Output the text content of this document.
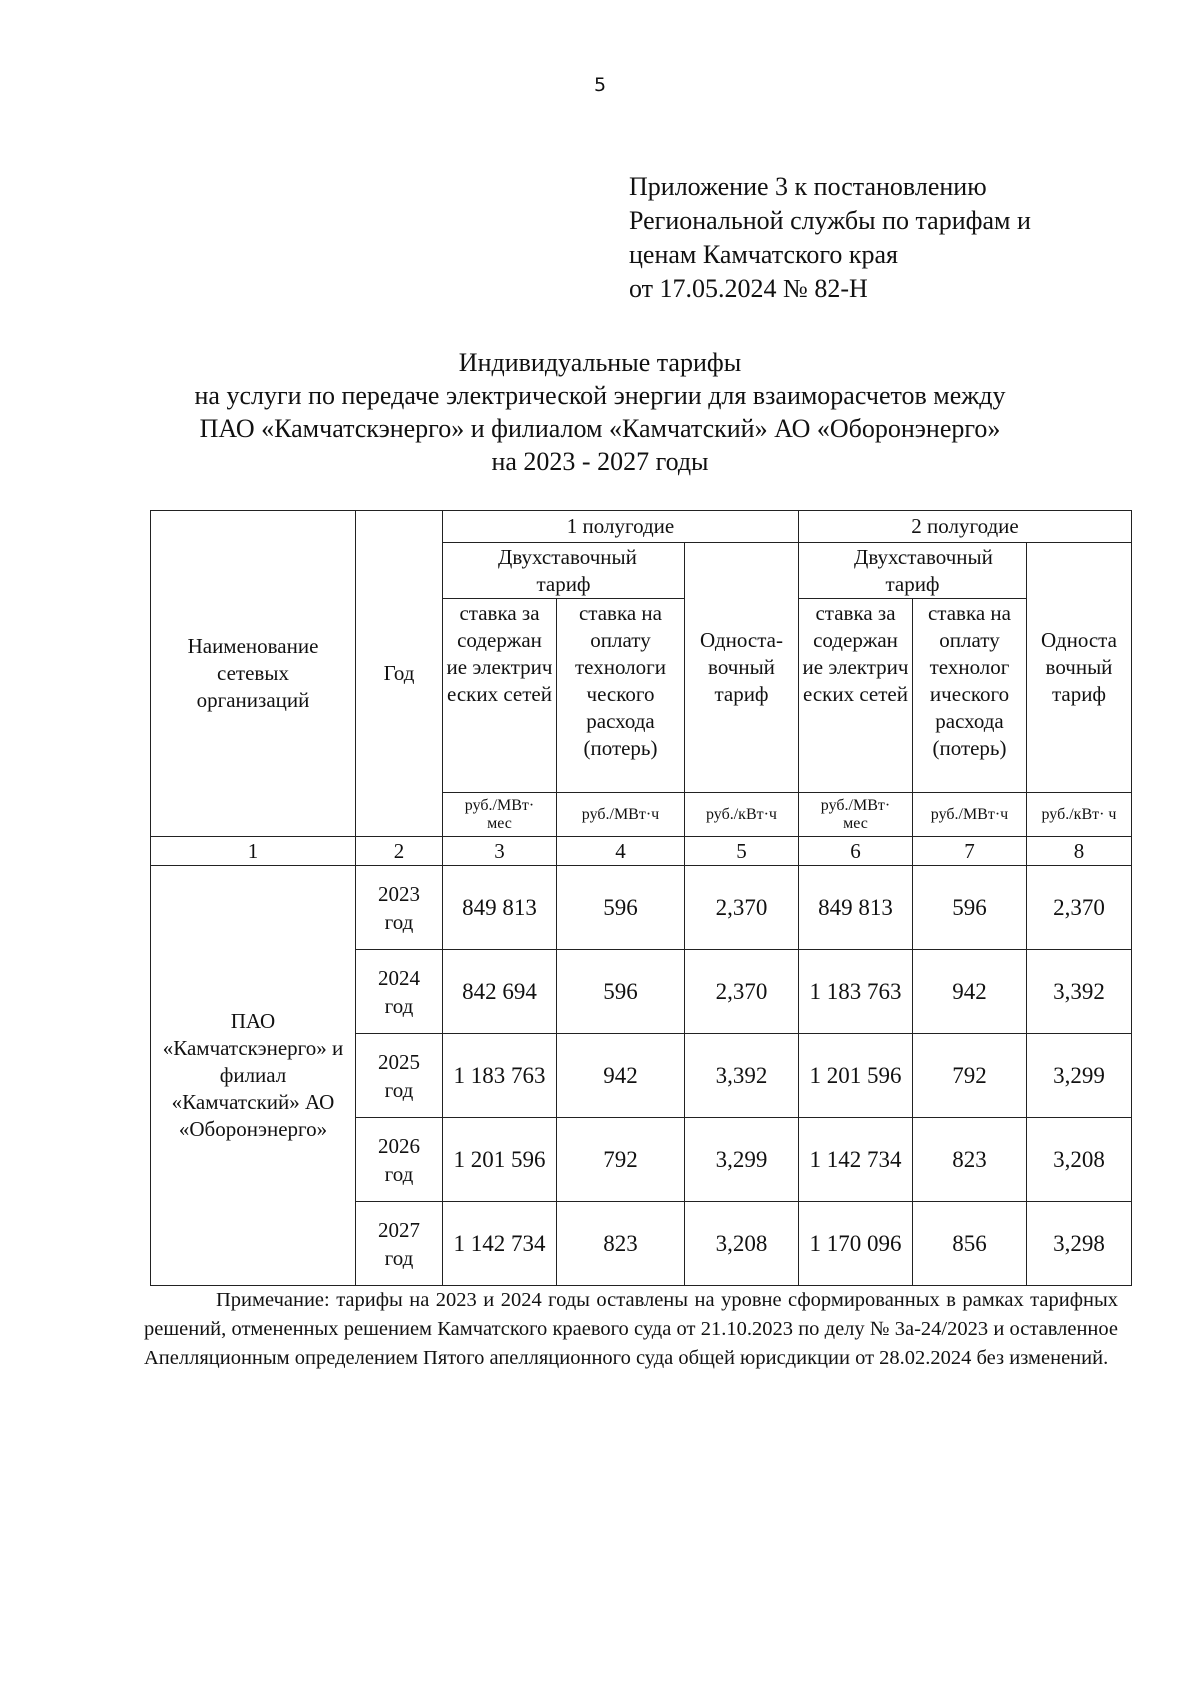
5
Приложение 3 к постановлению
Региональной службы по тарифам и
ценам Камчатского края
от 17.05.2024 № 82-Н
Индивидуальные тарифы
на услуги по передаче электрической энергии для взаиморасчетов между
ПАО «Камчатскэнерго» и филиалом «Камчатский» АО «Оборонэнерго»
на 2023 - 2027 годы
Наименование сетевых организаций	Год	1 полугодие			2 полугодие		
		Двухставочный тариф		Односта- вочный тариф	Двухставочный тариф		Односта вочный тариф
		ставка за содержан ие электрич еских сетей	ставка на оплату технологи ческого расхода (потерь)		ставка за содержан ие электрич еских сетей	ставка на оплату технолог ического расхода (потерь)	
		руб./МВт· мес	руб./МВт·ч	руб./кВт·ч	руб./МВт· мес	руб./МВт·ч	руб./кВт· ч
1	2	3	4	5	6	7	8
ПАО «Камчатскэнерго» и филиал «Камчатский» АО «Оборонэнерго»	2023 год	849 813	596	2,370	849 813	596	2,370
	2024 год	842 694	596	2,370	1 183 763	942	3,392
	2025 год	1 183 763	942	3,392	1 201 596	792	3,299
	2026 год	1 201 596	792	3,299	1 142 734	823	3,208
	2027 год	1 142 734	823	3,208	1 170 096	856	3,298

Примечание: тарифы на 2023 и 2024 годы оставлены на уровне сформированных в рамках тарифных решений, отмененных решением Камчатского краевого суда от 21.10.2023 по делу № 3а-24/2023 и оставленное Апелляционным определением Пятого апелляционного суда общей юрисдикции от 28.02.2024 без изменений.
